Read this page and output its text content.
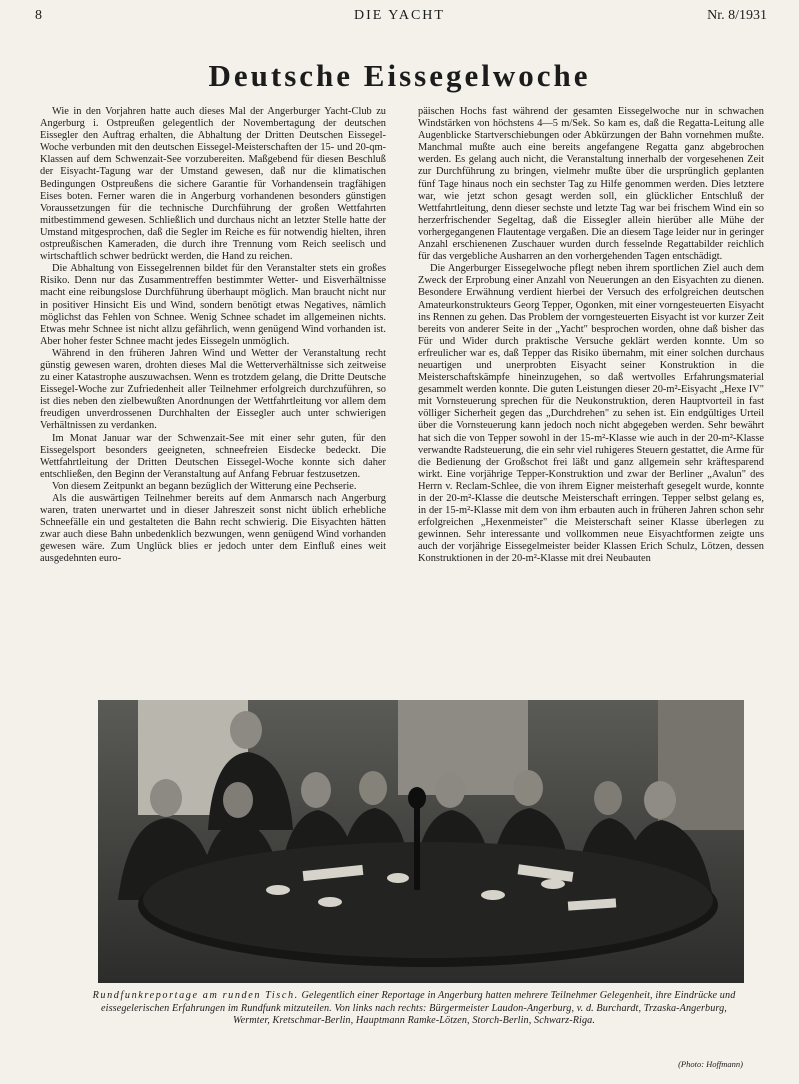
8	DIE YACHT	Nr. 8/1931
Deutsche Eissegelwoche

Wie in den Vorjahren hatte auch dieses Mal der Angerburger Yacht-Club zu Angerburg i. Ostpreußen gelegentlich der Novembertagung der deutschen Eissegler den Auftrag erhalten, die Abhaltung der Dritten Deutschen Eissegel-Woche verbunden mit den deutschen Eissegel-Meisterschaften der 15- und 20-qm-Klassen auf dem Schwenzait-See vorzubereiten. Maßgebend für diesen Beschluß der Eisyacht-Tagung war der Umstand gewesen, daß nur die klimatischen Bedingungen Ostpreußens die sichere Garantie für Vorhandensein tragfähigen Eises boten. Ferner waren die in Angerburg vorhandenen besonders günstigen Voraussetzungen für die technische Durchführung der großen Wettfahrten mitbestimmend gewesen. Schließlich und durchaus nicht an letzter Stelle hatte der Umstand mitgesprochen, daß die Segler im Reiche es für notwendig hielten, ihren ostpreußischen Kameraden, die durch ihre Trennung vom Reich seelisch und wirtschaftlich schwer bedrückt werden, die Hand zu reichen.

Die Abhaltung von Eissegelrennen bildet für den Veranstalter stets ein großes Risiko. Denn nur das Zusammentreffen bestimmter Wetter- und Eisverhältnisse macht eine reibungslose Durchführung überhaupt möglich. Man braucht nicht nur in positiver Hinsicht Eis und Wind, sondern benötigt etwas Negatives, nämlich möglichst das Fehlen von Schnee. Wenig Schnee schadet im allgemeinen nichts. Etwas mehr Schnee ist nicht allzu gefährlich, wenn genügend Wind vorhanden ist. Aber hoher fester Schnee macht jedes Eissegeln unmöglich.

Während in den früheren Jahren Wind und Wetter der Veranstaltung recht günstig gewesen waren, drohten dieses Mal die Wetterverhältnisse sich zeitweise zu einer Katastrophe auszuwachsen. Wenn es trotzdem gelang, die Dritte Deutsche Eissegel-Woche zur Zufriedenheit aller Teilnehmer erfolgreich durchzuführen, so ist dies neben den zielbewußten Anordnungen der Wettfahrtleitung vor allem dem freudigen unverdrossenen Durchhalten der Eissegler auch unter schwierigen Verhältnissen zu verdanken.

Im Monat Januar war der Schwenzait-See mit einer sehr guten, für den Eissegelsport besonders geeigneten, schneefreien Eisdecke bedeckt. Die Wettfahrtleitung der Dritten Deutschen Eissegel-Woche konnte sich daher entschließen, den Beginn der Veranstaltung auf Anfang Februar festzusetzen.

Von diesem Zeitpunkt an begann bezüglich der Witterung eine Pechserie.

Als die auswärtigen Teilnehmer bereits auf dem Anmarsch nach Angerburg waren, traten unerwartet und in dieser Jahreszeit sonst nicht üblich erhebliche Schneefälle ein und gestalteten die Bahn recht schwierig. Die Eisyachten hätten zwar auch diese Bahn unbedenklich bezwungen, wenn genügend Wind vorhanden gewesen wäre. Zum Unglück blies er jedoch unter dem Einfluß eines weit ausgedehnten euro-

päischen Hochs fast während der gesamten Eissegelwoche nur in schwachen Windstärken von höchstens 4—5 m/Sek. So kam es, daß die Regatta-Leitung alle Augenblicke Startverschiebungen oder Abkürzungen der Bahn vornehmen mußte. Manchmal mußte auch eine bereits angefangene Regatta ganz abgebrochen werden. Es gelang auch nicht, die Veranstaltung innerhalb der vorgesehenen Zeit zur Durchführung zu bringen, vielmehr mußte über die ursprünglich geplanten fünf Tage hinaus noch ein sechster Tag zu Hilfe genommen werden. Dies letztere war, wie jetzt schon gesagt werden soll, ein glücklicher Entschluß der Wettfahrtleitung, denn dieser sechste und letzte Tag war bei frischem Wind ein so herzerfrischender Segeltag, daß die Eissegler allein hierüber alle Mühe der vorhergegangenen Flautentage vergaßen. Die an diesem Tage leider nur in geringer Anzahl erschienenen Zuschauer wurden durch fesselnde Regattabilder reichlich für das vergebliche Ausharren an den vorhergehenden Tagen entschädigt.

Die Angerburger Eissegelwoche pflegt neben ihrem sportlichen Ziel auch dem Zweck der Erprobung einer Anzahl von Neuerungen an den Eisyachten zu dienen. Besondere Erwähnung verdient hierbei der Versuch des erfolgreichen deutschen Amateurkonstrukteurs Georg Tepper, Ogonken, mit einer vorngesteuerten Eisyacht ins Rennen zu gehen. Das Problem der vorngesteuerten Eisyacht ist vor kurzer Zeit bereits von anderer Seite in der „Yacht" besprochen worden, ohne daß bisher das Für und Wider durch praktische Versuche geklärt werden konnte. Um so erfreulicher war es, daß Tepper das Risiko übernahm, mit einer solchen durchaus neuartigen und unerprobten Eisyacht seiner Konstruktion in die Meisterschaftskämpfe hineinzugehen, so daß wertvolles Erfahrungsmaterial gesammelt werden konnte. Die guten Leistungen dieser 20-m²-Eisyacht „Hexe IV" mit Vornsteuerung sprechen für die Neukonstruktion, deren Hauptvorteil in fast völliger Sicherheit gegen das „Durchdrehen" zu sehen ist. Ein endgültiges Urteil über die Vornsteuerung kann jedoch noch nicht abgegeben werden. Sehr bewährt hat sich die von Tepper sowohl in der 15-m²-Klasse wie auch in der 20-m²-Klasse verwandte Radsteuerung, die ein sehr viel ruhigeres Steuern gestattet, die Arme für die Bedienung der Großschot frei läßt und ganz allgemein sehr kräftesparend wirkt. Eine vorjährige Tepper-Konstruktion und zwar der Berliner „Avalun" des Herrn v. Reclam-Schlee, die von ihrem Eigner meisterhaft gesegelt wurde, konnte in der 20-m²-Klasse die deutsche Meisterschaft erringen. Tepper selbst gelang es, in der 15-m²-Klasse mit dem von ihm erbauten auch in früheren Jahren schon sehr erfolgreichen „Hexenmeister" die Meisterschaft seiner Klasse überlegen zu gewinnen. Sehr interessante und vollkommen neue Eisyachtformen zeigte uns auch der vorjährige Eissegelmeister beider Klassen Erich Schulz, Lötzen, dessen Konstruktionen in der 20-m²-Klasse mit drei Neubauten

Rundfunkreportage am runden Tisch. Gelegentlich einer Reportage in Angerburg hatten mehrere Teilnehmer Gelegenheit, ihre Eindrücke und eissegelerischen Erfahrungen im Rundfunk mitzuteilen. Von links nach rechts: Bürgermeister Laudon-Angerburg, v. d. Burchardt, Trzaska-Angerburg, Wermter, Kretschmar-Berlin, Hauptmann Ramke-Lötzen, Storch-Berlin, Schwarz-Riga.
(Photo: Hoffmann)
